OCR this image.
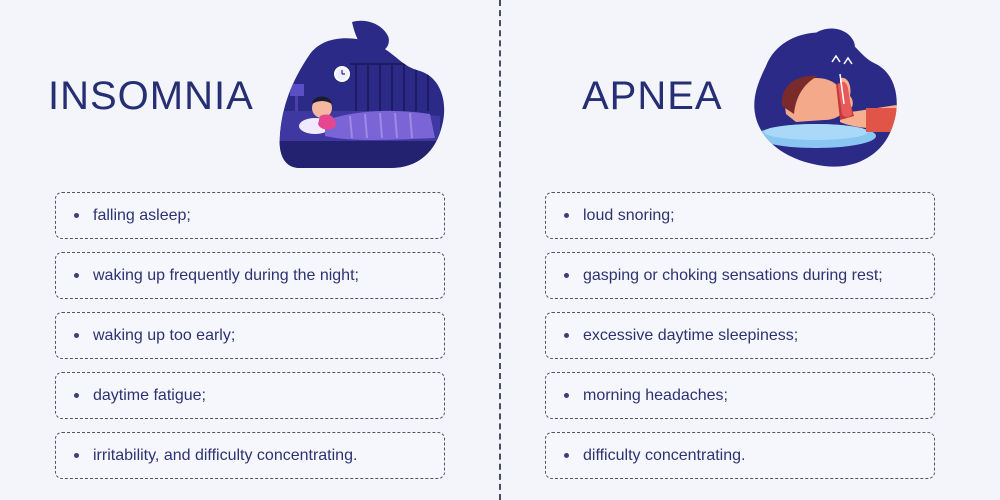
INSOMNIA
falling asleep;
waking up frequently during the night;
waking up too early;
daytime fatigue;
irritability, and difficulty concentrating.
APNEA
loud snoring;
gasping or choking sensations during rest;
excessive daytime sleepiness;
morning headaches;
difficulty concentrating.
